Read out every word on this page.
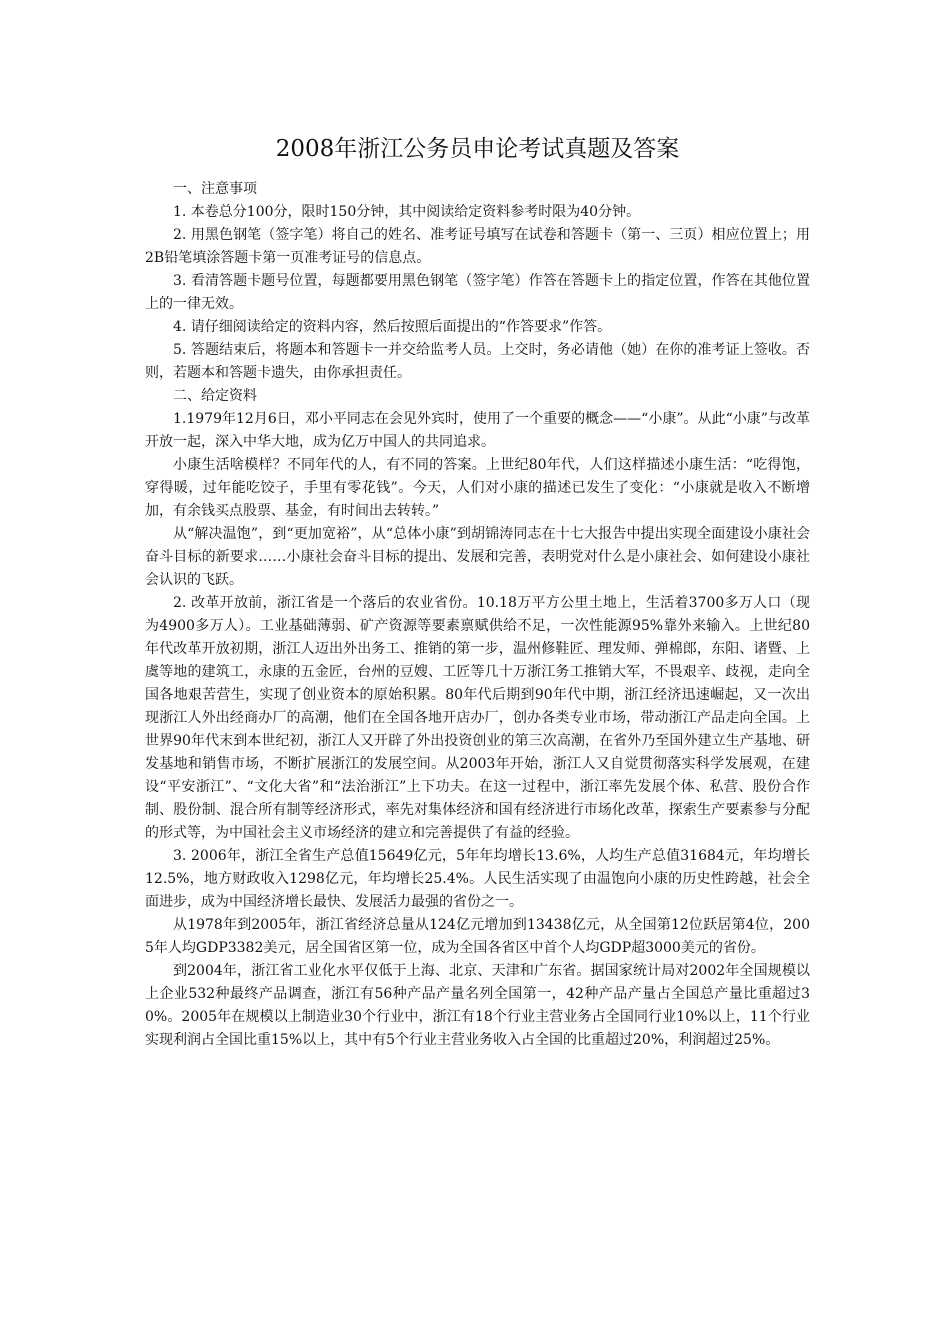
2008年浙江公务员申论考试真题及答案

一、注意事项

1. 本卷总分100分，限时150分钟，其中阅读给定资料参考时限为40分钟。

2. 用黑色钢笔（签字笔）将自己的姓名、准考证号填写在试卷和答题卡（第一、三页）相应位置上；用2B铅笔填涂答题卡第一页准考证号的信息点。

3. 看清答题卡题号位置，每题都要用黑色钢笔（签字笔）作答在答题卡上的指定位置，作答在其他位置上的一律无效。

4. 请仔细阅读给定的资料内容，然后按照后面提出的“作答要求”作答。

5. 答题结束后，将题本和答题卡一并交给监考人员。上交时，务必请他（她）在你的准考证上签收。否则，若题本和答题卡遗失，由你承担责任。

二、给定资料

1.1979年12月6日，邓小平同志在会见外宾时，使用了一个重要的概念——“小康”。从此“小康”与改革开放一起，深入中华大地，成为亿万中国人的共同追求。

小康生活啥模样？不同年代的人，有不同的答案。上世纪80年代，人们这样描述小康生活：“吃得饱，穿得暖，过年能吃饺子，手里有零花钱”。今天，人们对小康的描述已发生了变化：“小康就是收入不断增加，有余钱买点股票、基金，有时间出去转转。”

从“解决温饱”，到“更加宽裕”，从“总体小康”到胡锦涛同志在十七大报告中提出实现全面建设小康社会奋斗目标的新要求……小康社会奋斗目标的提出、发展和完善，表明党对什么是小康社会、如何建设小康社会认识的飞跃。

2. 改革开放前，浙江省是一个落后的农业省份。10.18万平方公里土地上，生活着3700多万人口（现为4900多万人）。工业基础薄弱、矿产资源等要素禀赋供给不足，一次性能源95%靠外来输入。上世纪80年代改革开放初期，浙江人迈出外出务工、推销的第一步，温州修鞋匠、理发师、弹棉郎，东阳、诸暨、上虞等地的建筑工，永康的五金匠，台州的豆嫂、工匠等几十万浙江务工推销大军，不畏艰辛、歧视，走向全国各地艰苦营生，实现了创业资本的原始积累。80年代后期到90年代中期，浙江经济迅速崛起，又一次出现浙江人外出经商办厂的高潮，他们在全国各地开店办厂，创办各类专业市场，带动浙江产品走向全国。上世界90年代末到本世纪初，浙江人又开辟了外出投资创业的第三次高潮，在省外乃至国外建立生产基地、研发基地和销售市场，不断扩展浙江的发展空间。从2003年开始，浙江人又自觉贯彻落实科学发展观，在建设“平安浙江”、“文化大省”和“法治浙江”上下功夫。在这一过程中，浙江率先发展个体、私营、股份合作制、股份制、混合所有制等经济形式，率先对集体经济和国有经济进行市场化改革，探索生产要素参与分配的形式等，为中国社会主义市场经济的建立和完善提供了有益的经验。

3. 2006年，浙江全省生产总值15649亿元，5年年均增长13.6%，人均生产总值31684元，年均增长12.5%，地方财政收入1298亿元，年均增长25.4%。人民生活实现了由温饱向小康的历史性跨越，社会全面进步，成为中国经济增长最快、发展活力最强的省份之一。

从1978年到2005年，浙江省经济总量从124亿元增加到13438亿元，从全国第12位跃居第4位，2005年人均GDP3382美元，居全国省区第一位，成为全国各省区中首个人均GDP超3000美元的省份。

到2004年，浙江省工业化水平仅低于上海、北京、天津和广东省。据国家统计局对2002年全国规模以上企业532种最终产品调查，浙江有56种产品产量名列全国第一，42种产品产量占全国总产量比重超过30%。2005年在规模以上制造业30个行业中，浙江有18个行业主营业务占全国同行业10%以上，11个行业实现利润占全国比重15%以上，其中有5个行业主营业务收入占全国的比重超过20%，利润超过25%。
